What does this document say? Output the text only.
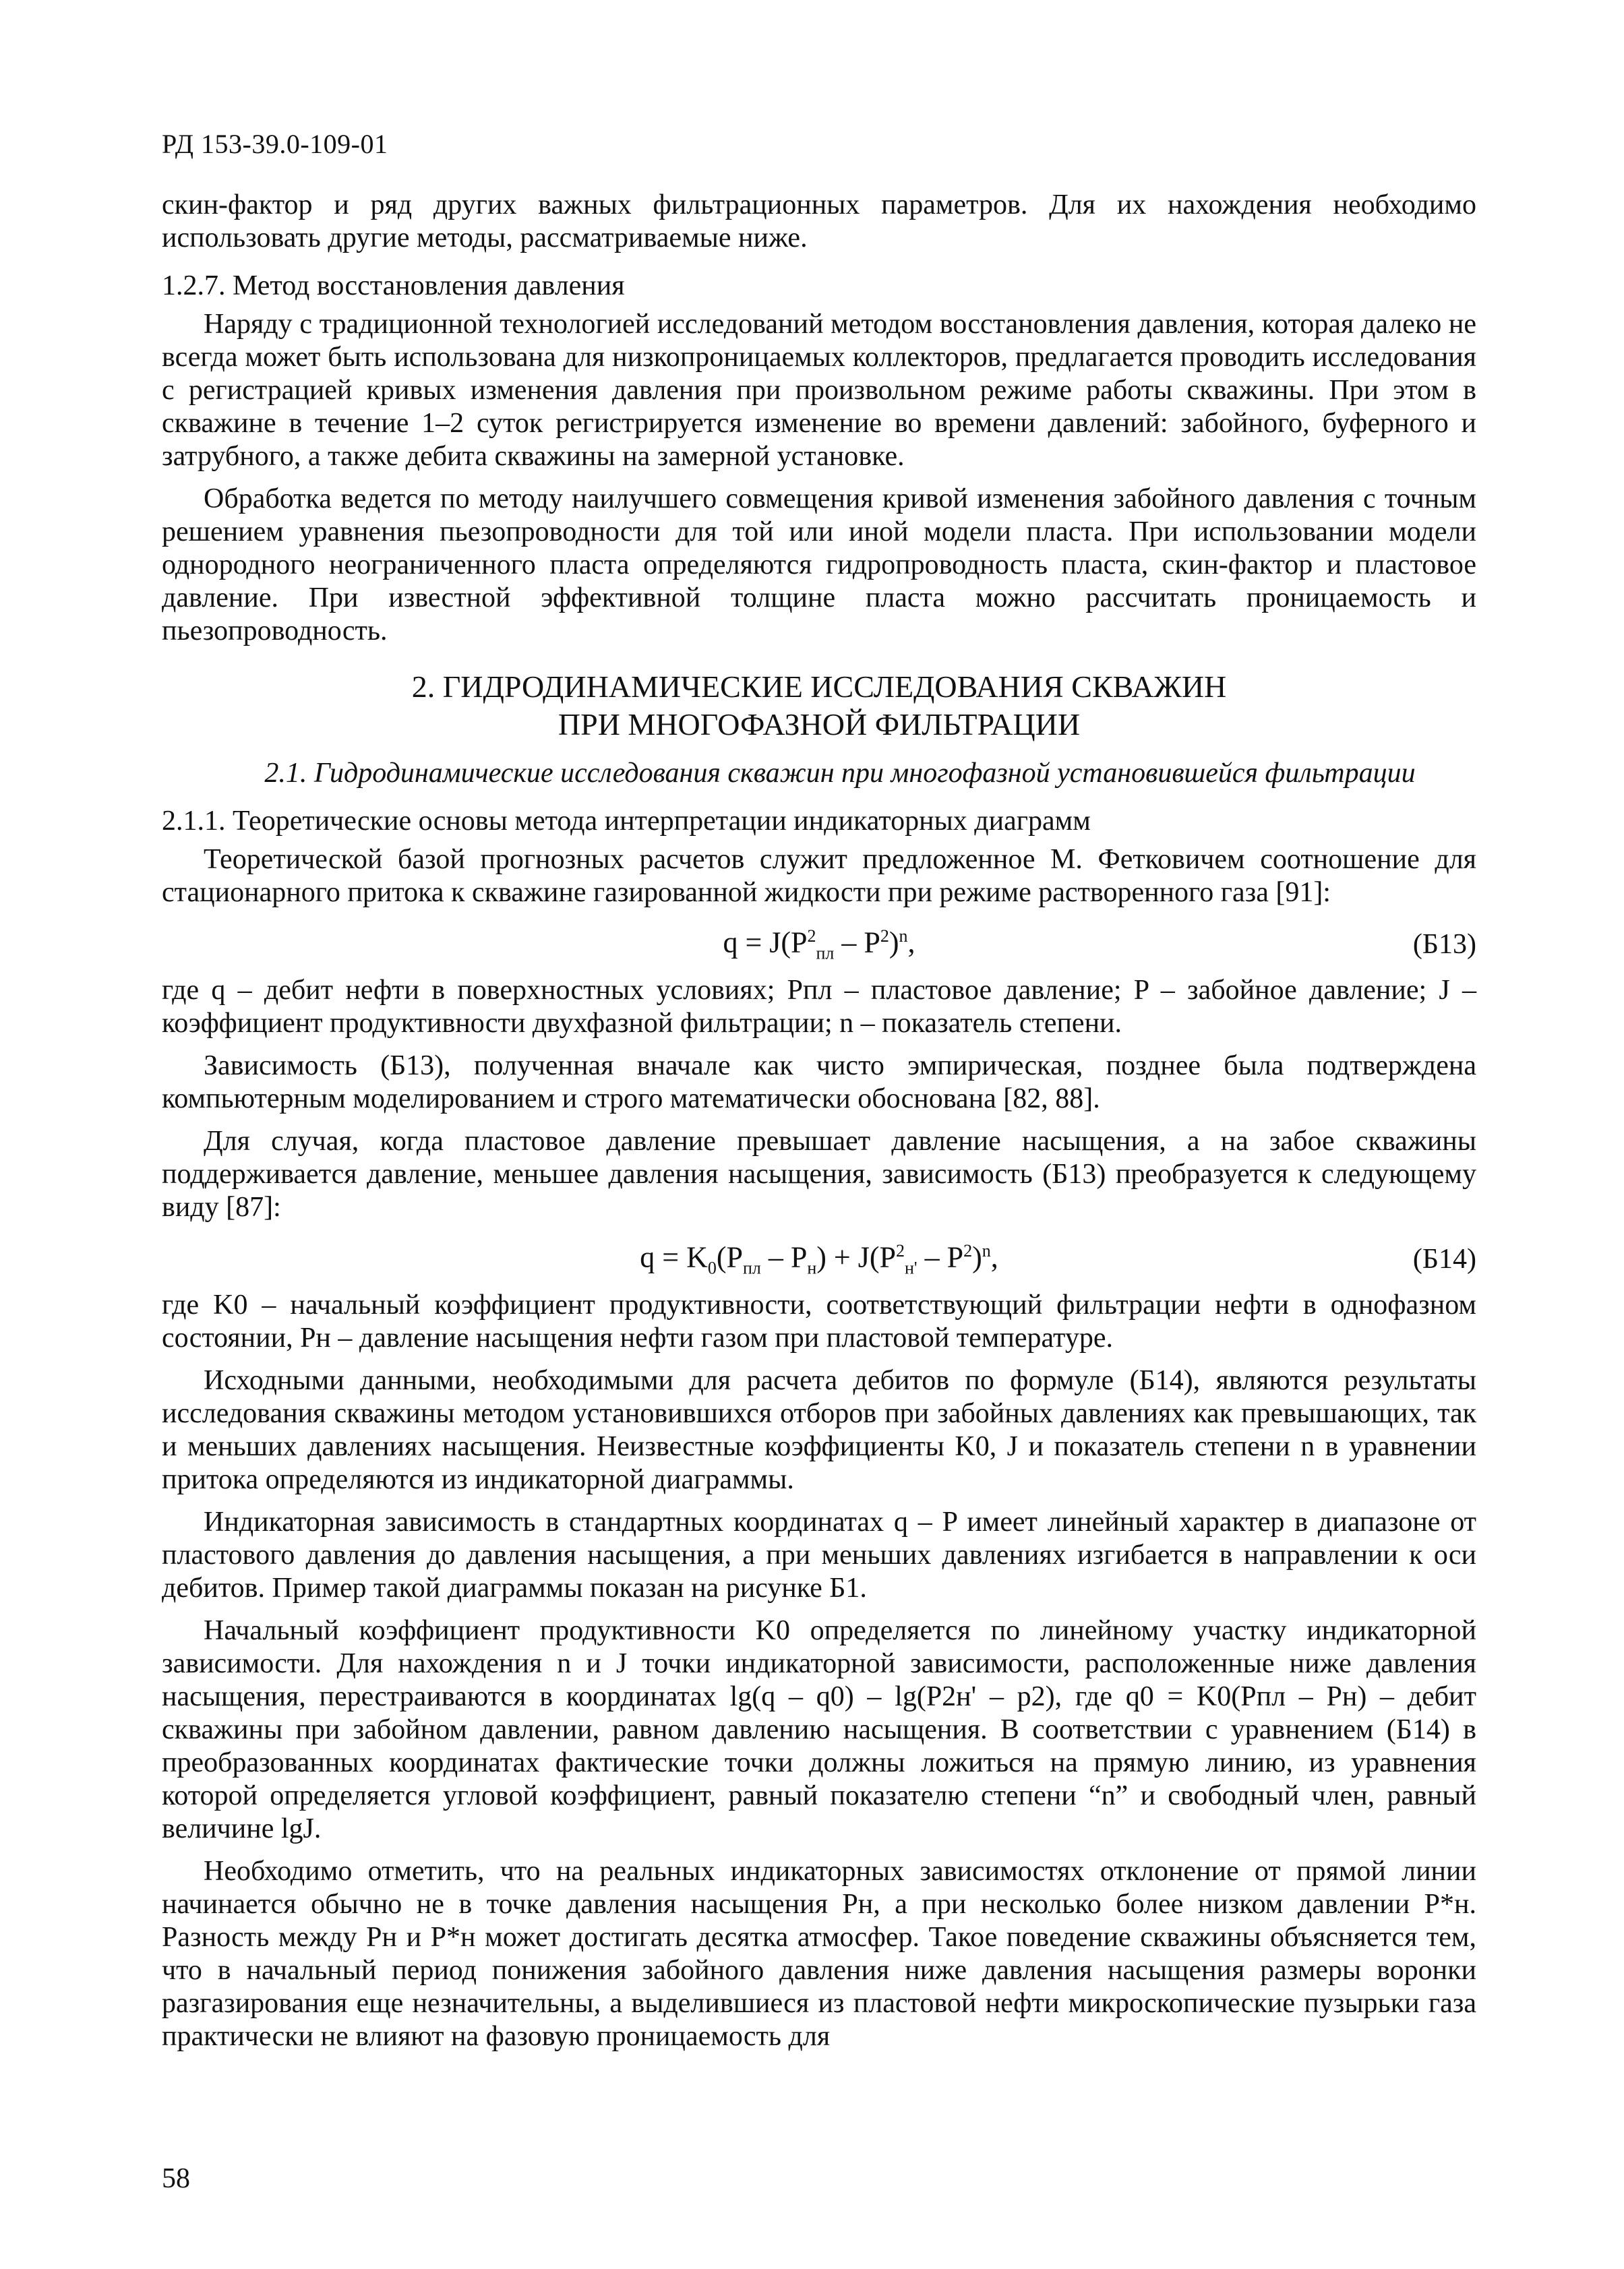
РД 153-39.0-109-01

скин-фактор и ряд других важных фильтрационных параметров. Для их нахождения необходимо использовать другие методы, рассматриваемые ниже.

1.2.7. Метод восстановления давления

Наряду с традиционной технологией исследований методом восстановления давления, которая далеко не всегда может быть использована для низкопроницаемых коллекторов, предлагается проводить исследования с регистрацией кривых изменения давления при произвольном режиме работы скважины. При этом в скважине в течение 1–2 суток регистрируется изменение во времени давлений: забойного, буферного и затрубного, а также дебита скважины на замерной установке.

Обработка ведется по методу наилучшего совмещения кривой изменения забойного давления с точным решением уравнения пьезопроводности для той или иной модели пласта. При использовании модели однородного неограниченного пласта определяются гидропроводность пласта, скин-фактор и пластовое давление. При известной эффективной толщине пласта можно рассчитать проницаемость и пьезопроводность.

2. ГИДРОДИНАМИЧЕСКИЕ ИССЛЕДОВАНИЯ СКВАЖИН
ПРИ МНОГОФАЗНОЙ ФИЛЬТРАЦИИ

2.1. Гидродинамические исследования скважин при многофазной установившейся фильтрации

2.1.1. Теоретические основы метода интерпретации индикаторных диаграмм

Теоретической базой прогнозных расчетов служит предложенное М. Фетковичем соотношение для стационарного притока к скважине газированной жидкости при режиме растворенного газа [91]:

$q = J(P^2_{пл} - P^2)^n$,	(Б13)

где q – дебит нефти в поверхностных условиях; Pпл – пластовое давление; P – забойное давление; J – коэффициент продуктивности двухфазной фильтрации; n – показатель степени.

Зависимость (Б13), полученная вначале как чисто эмпирическая, позднее была подтверждена компьютерным моделированием и строго математически обоснована [82, 88].

Для случая, когда пластовое давление превышает давление насыщения, а на забое скважины поддерживается давление, меньшее давления насыщения, зависимость (Б13) преобразуется к следующему виду [87]:

$q = K_0(P_{пл} - P_н) + J(P^2_{н'} - P^2)^n$,	(Б14)

где K0 – начальный коэффициент продуктивности, соответствующий фильтрации нефти в однофазном состоянии, Pн – давление насыщения нефти газом при пластовой температуре.

Исходными данными, необходимыми для расчета дебитов по формуле (Б14), являются результаты исследования скважины методом установившихся отборов при забойных давлениях как превышающих, так и меньших давлениях насыщения. Неизвестные коэффициенты K0, J и показатель степени n в уравнении притока определяются из индикаторной диаграммы.

Индикаторная зависимость в стандартных координатах q – P имеет линейный характер в диапазоне от пластового давления до давления насыщения, а при меньших давлениях изгибается в направлении к оси дебитов. Пример такой диаграммы показан на рисунке Б1.

Начальный коэффициент продуктивности K0 определяется по линейному участку индикаторной зависимости. Для нахождения n и J точки индикаторной зависимости, расположенные ниже давления насыщения, перестраиваются в координатах lg(q – q0) – lg(P2н' – p2), где q0 = K0(Pпл – Pн) – дебит скважины при забойном давлении, равном давлению насыщения. В соответствии с уравнением (Б14) в преобразованных координатах фактические точки должны ложиться на прямую линию, из уравнения которой определяется угловой коэффициент, равный показателю степени “n” и свободный член, равный величине lgJ.

Необходимо отметить, что на реальных индикаторных зависимостях отклонение от прямой линии начинается обычно не в точке давления насыщения Pн, а при несколько более низком давлении P*н. Разность между Pн и P*н может достигать десятка атмосфер. Такое поведение скважины объясняется тем, что в начальный период понижения забойного давления ниже давления насыщения размеры воронки разгазирования еще незначительны, а выделившиеся из пластовой нефти микроскопические пузырьки газа практически не влияют на фазовую проницаемость для

58
